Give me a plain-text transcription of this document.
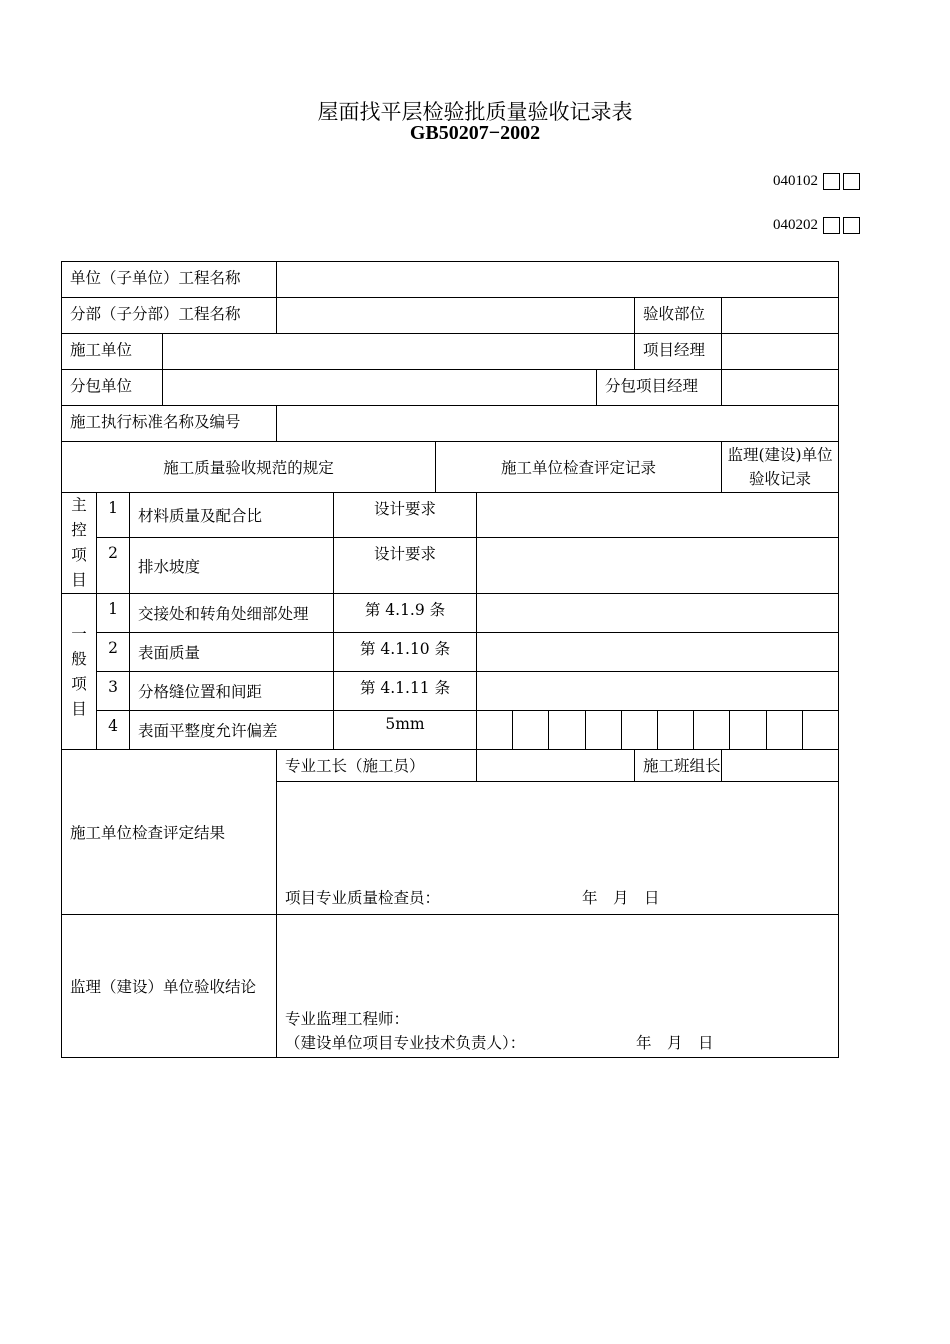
屋面找平层检验批质量验收记录表
GB50207−2002
040102
040202
单位（子单位）工程名称											
分部（子分部）工程名称									验收部位		
施工单位									项目经理		
分包单位								分包项目经理			
施工执行标准名称及编号											
施工质量验收规范的规定						施工单位检查评定记录				监理(建设)单位验收记录	

主
控
项
目	1	材料质量及配合比			设计要求						
	2	排水坡度			设计要求						

一
般
项
目	1	交接处和转角处细部处理			第 4.1.9 条						
	2	表面质量			第 4.1.10 条						
	3	分格缝位置和间距			第 4.1.11 条						
	4	表面平整度允许偏差			5mm						

施工单位检查评定结果				专业工长（施工员）					施工班组长		

				项目专业质量检查员： 年　月　日							

监理（建设）单位验收结论				专业监理工程师：
（建设单位项目专业技术负责人）： 年　月　日							
